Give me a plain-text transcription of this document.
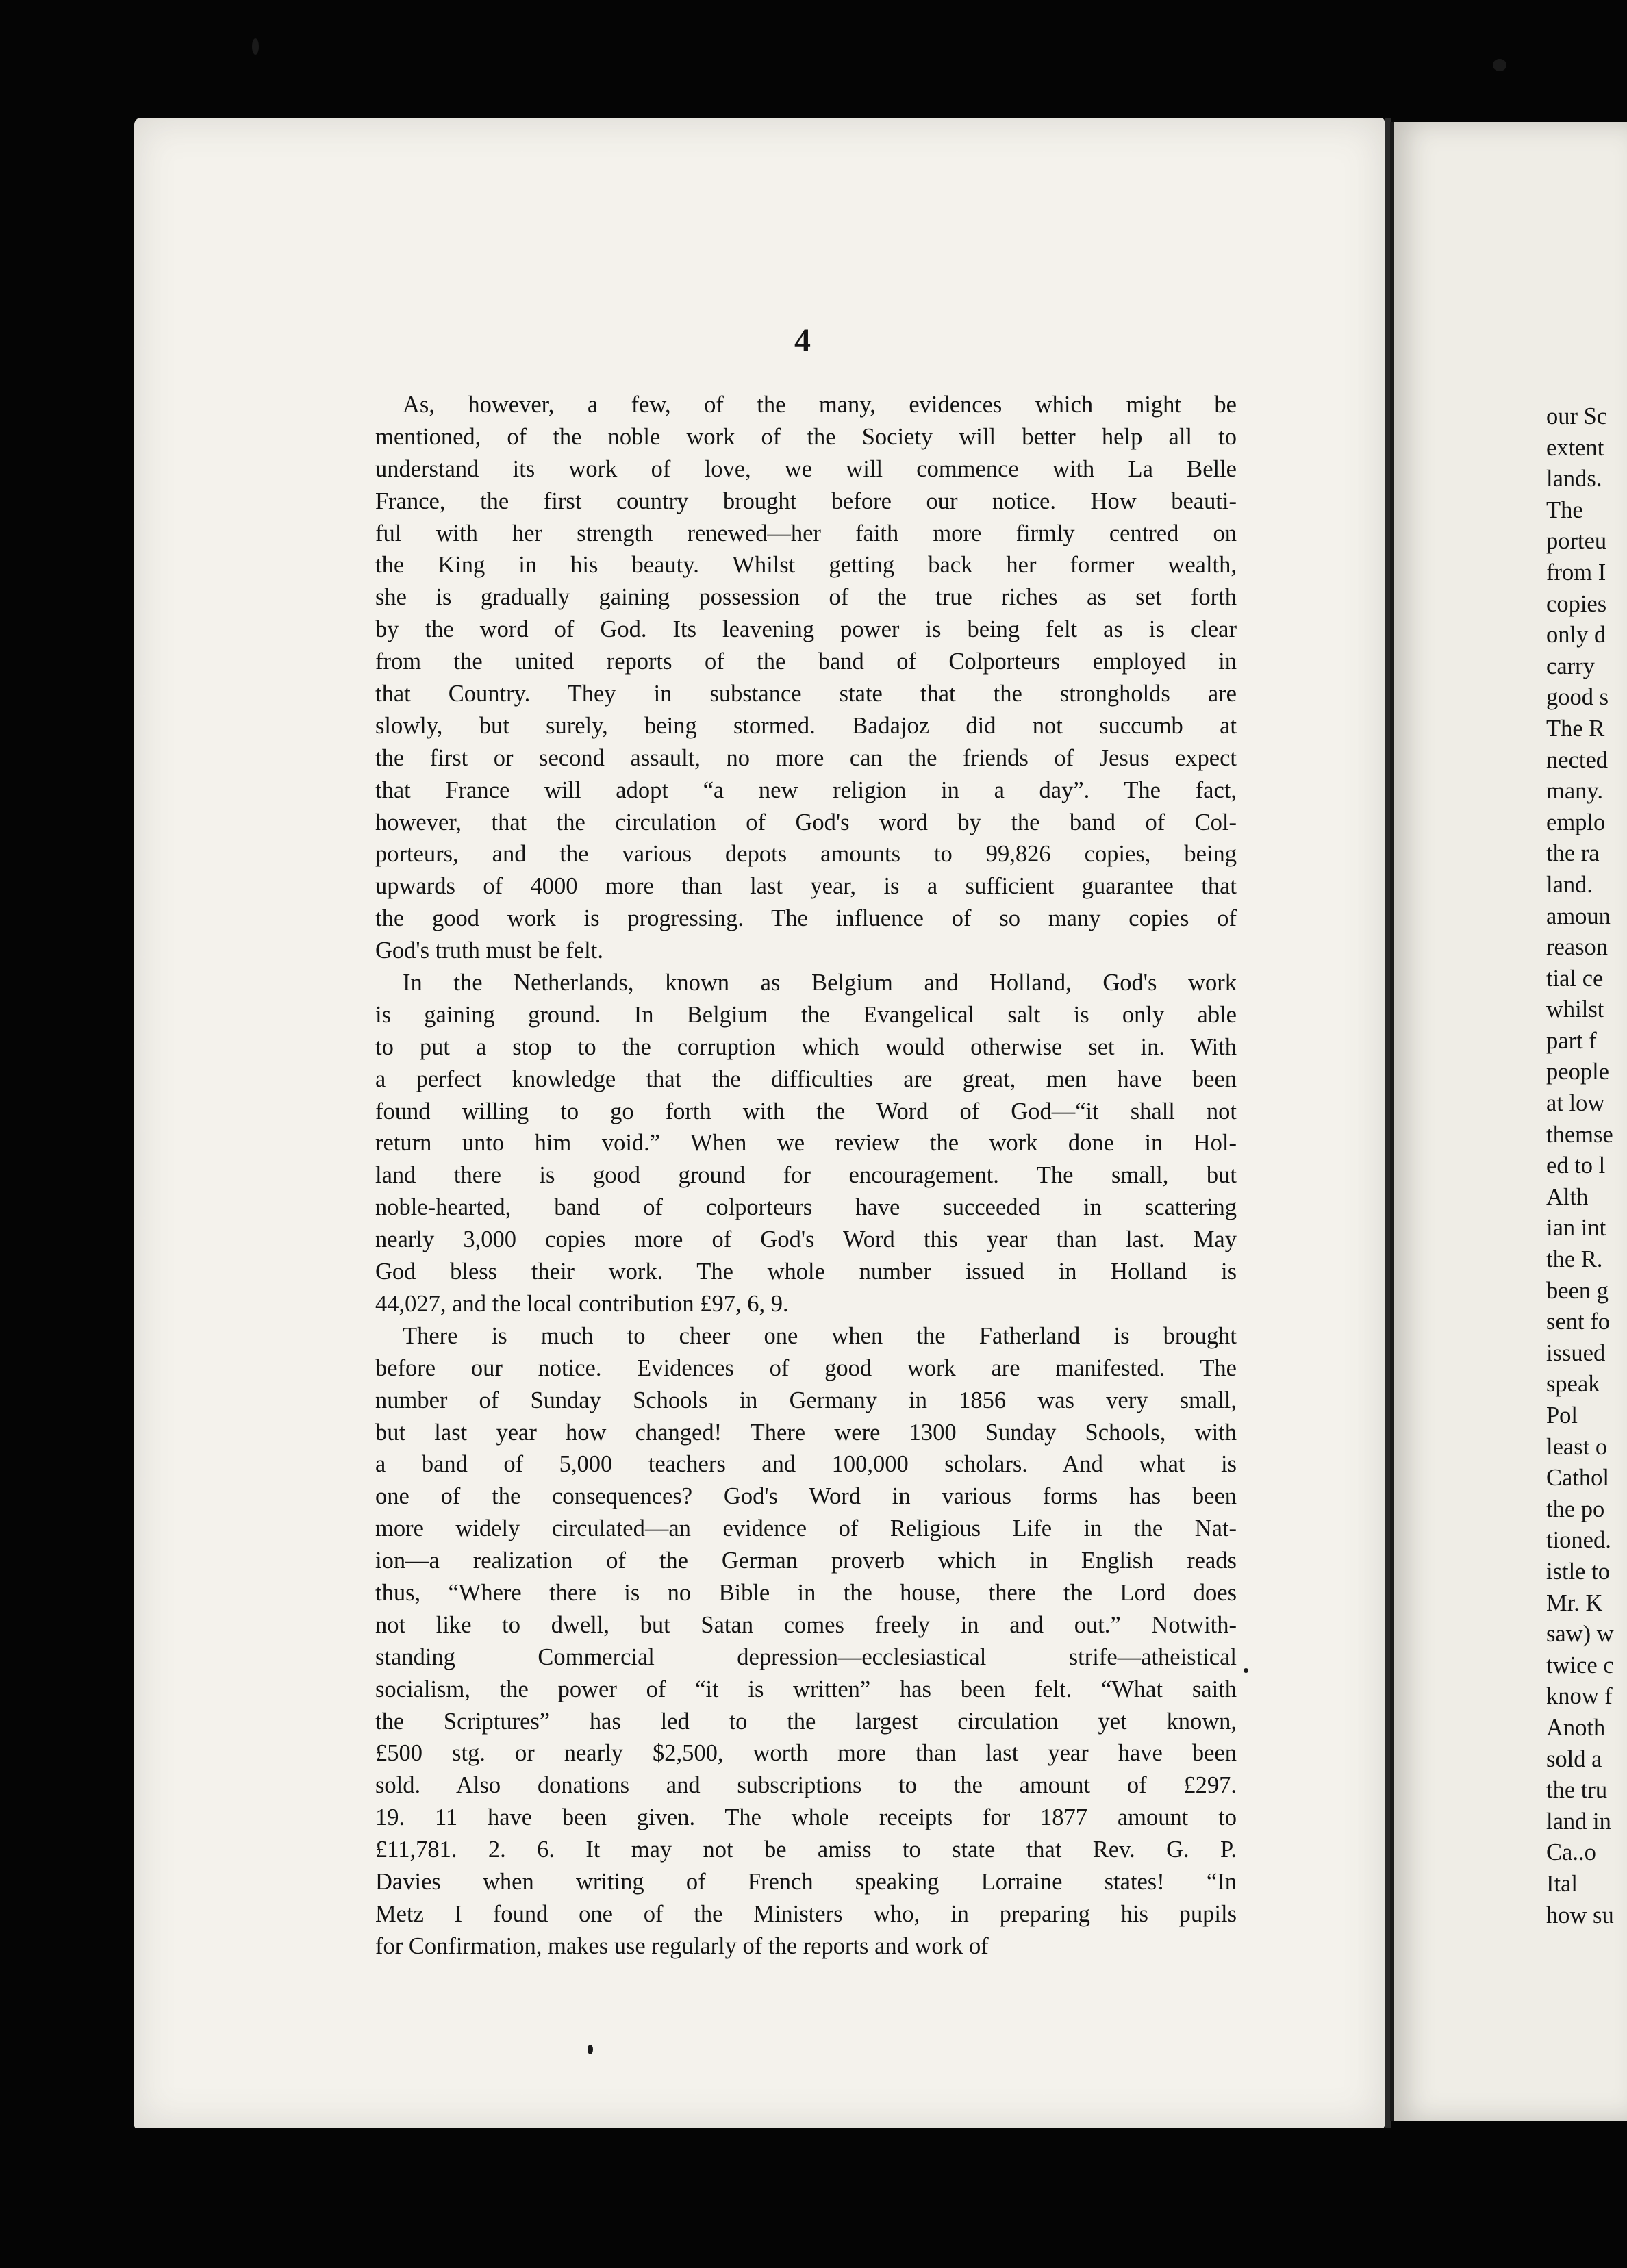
4
As, however, a few, of the many, evidences which might be
mentioned, of the noble work of the Society will better help all to
understand its work of love, we will commence with La Belle
France, the first country brought before our notice. How beauti-
ful with her strength renewed—her faith more firmly centred on
the King in his beauty. Whilst getting back her former wealth,
she is gradually gaining possession of the true riches as set forth
by the word of God. Its leavening power is being felt as is clear
from the united reports of the band of Colporteurs employed in
that Country. They in substance state that the strongholds are
slowly, but surely, being stormed. Badajoz did not succumb at
the first or second assault, no more can the friends of Jesus expect
that France will adopt “a new religion in a day”. The fact,
however, that the circulation of God's word by the band of Col-
porteurs, and the various depots amounts to 99,826 copies, being
upwards of 4000 more than last year, is a sufficient guarantee that
the good work is progressing. The influence of so many copies of
God's truth must be felt.
In the Netherlands, known as Belgium and Holland, God's work
is gaining ground. In Belgium the Evangelical salt is only able
to put a stop to the corruption which would otherwise set in. With
a perfect knowledge that the difficulties are great, men have been
found willing to go forth with the Word of God—“it shall not
return unto him void.” When we review the work done in Hol-
land there is good ground for encouragement. The small, but
noble-hearted, band of colporteurs have succeeded in scattering
nearly 3,000 copies more of God's Word this year than last. May
God bless their work. The whole number issued in Holland is
44,027, and the local contribution £97, 6, 9.
There is much to cheer one when the Fatherland is brought
before our notice. Evidences of good work are manifested. The
number of Sunday Schools in Germany in 1856 was very small,
but last year how changed! There were 1300 Sunday Schools, with
a band of 5,000 teachers and 100,000 scholars. And what is
one of the consequences? God's Word in various forms has been
more widely circulated—an evidence of Religious Life in the Nat-
ion—a realization of the German proverb which in English reads
thus, “Where there is no Bible in the house, there the Lord does
not like to dwell, but Satan comes freely in and out.” Notwith-
standing Commercial depression—ecclesiastical strife—atheistical
socialism, the power of “it is written” has been felt. “What saith
the Scriptures” has led to the largest circulation yet known,
£500 stg. or nearly $2,500, worth more than last year have been
sold. Also donations and subscriptions to the amount of £297.
19. 11 have been given. The whole receipts for 1877 amount to
£11,781. 2. 6. It may not be amiss to state that Rev. G. P.
Davies when writing of French speaking Lorraine states! “In
Metz I found one of the Ministers who, in preparing his pupils
for Confirmation, makes use regularly of the reports and work of
our Sc
extent
lands.
The
porteu
from I
copies
only d
carry
good s
The R
nected
many.
emplo
the ra
land.
amoun
reason
tial ce
whilst
part f
people
at low
themse
ed to l
Alth
ian int
the R.
been g
sent fo
issued
speak
Pol
least o
Cathol
the po
tioned.
istle to
Mr. K
saw) w
twice c
know f
Anoth
sold a
the tru
land in
Ca..o
Ital
how su
